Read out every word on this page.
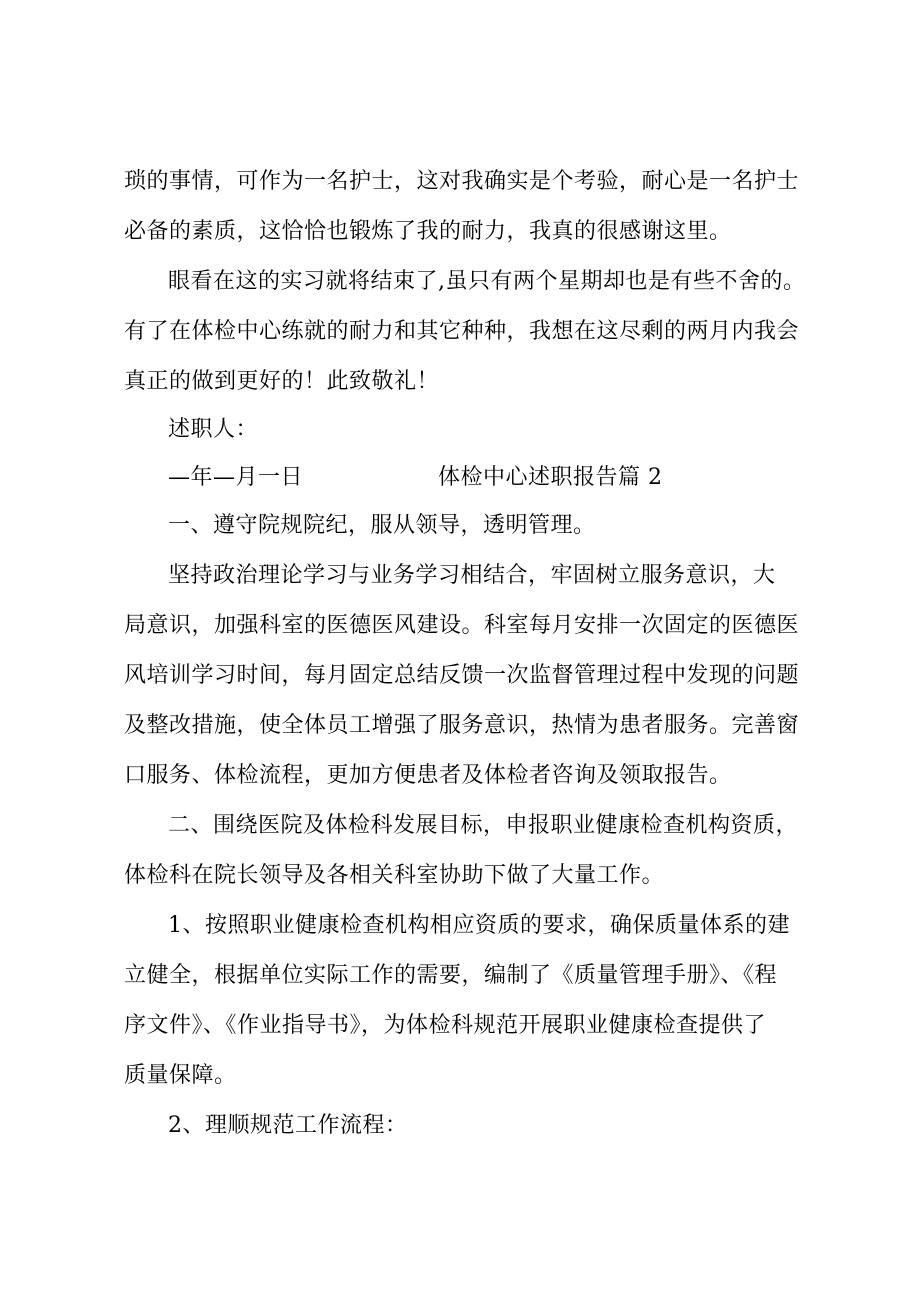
琐的事情，可作为一名护士，这对我确实是个考验，耐心是一名护士
必备的素质，这恰恰也锻炼了我的耐力，我真的很感谢这里。
眼看在这的实习就将结束了,虽只有两个星期却也是有些不舍的。
有了在体检中心练就的耐力和其它种种，我想在这尽剩的两月内我会
真正的做到更好的！此致敬礼！
述职人：
—年—月一日	体检中心述职报告篇 2
一、遵守院规院纪，服从领导，透明管理。
坚持政治理论学习与业务学习相结合，牢固树立服务意识，大
局意识，加强科室的医德医风建设。科室每月安排一次固定的医德医
风培训学习时间，每月固定总结反馈一次监督管理过程中发现的问题
及整改措施，使全体员工增强了服务意识，热情为患者服务。完善窗
口服务、体检流程，更加方便患者及体检者咨询及领取报告。
二、围绕医院及体检科发展目标，申报职业健康检查机构资质，
体检科在院长领导及各相关科室协助下做了大量工作。
1、按照职业健康检查机构相应资质的要求，确保质量体系的建
立健全，根据单位实际工作的需要，编制了《质量管理手册》、《程
序文件》、《作业指导书》，为体检科规范开展职业健康检查提供了
质量保障。
2、理顺规范工作流程：
